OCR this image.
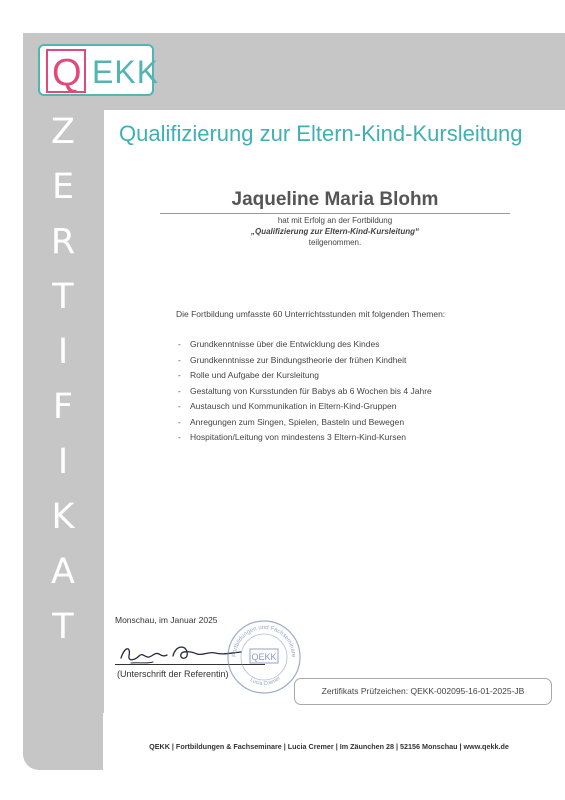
Q EKK
Z
E
R
T
I
F
I
K
A
T
Qualifizierung zur Eltern-Kind-Kursleitung
Jaqueline Maria Blohm
hat mit Erfolg an der Fortbildung
„Qualifizierung zur Eltern-Kind-Kursleitung“
teilgenommen.
Die Fortbildung umfasste 60 Unterrichtsstunden mit folgenden Themen:
- Grundkenntnisse über die Entwicklung des Kindes
- Grundkenntnisse zur Bindungstheorie der frühen Kindheit
- Rolle und Aufgabe der Kursleitung
- Gestaltung von Kursstunden für Babys ab 6 Wochen bis 4 Jahre
- Austausch und Kommunikation in Eltern-Kind-Gruppen
- Anregungen zum Singen, Spielen, Basteln und Bewegen
- Hospitation/Leitung von mindestens 3 Eltern-Kind-Kursen
Monschau, im Januar 2025
(Unterschrift der Referentin)
Fortbildungen und Fachseminare
Lucia Cremer
QEKK
Zertifikats Prüfzeichen: QEKK-002095-16-01-2025-JB
QEKK | Fortbildungen & Fachseminare | Lucia Cremer | Im Zäunchen 28 | 52156 Monschau | www.qekk.de
